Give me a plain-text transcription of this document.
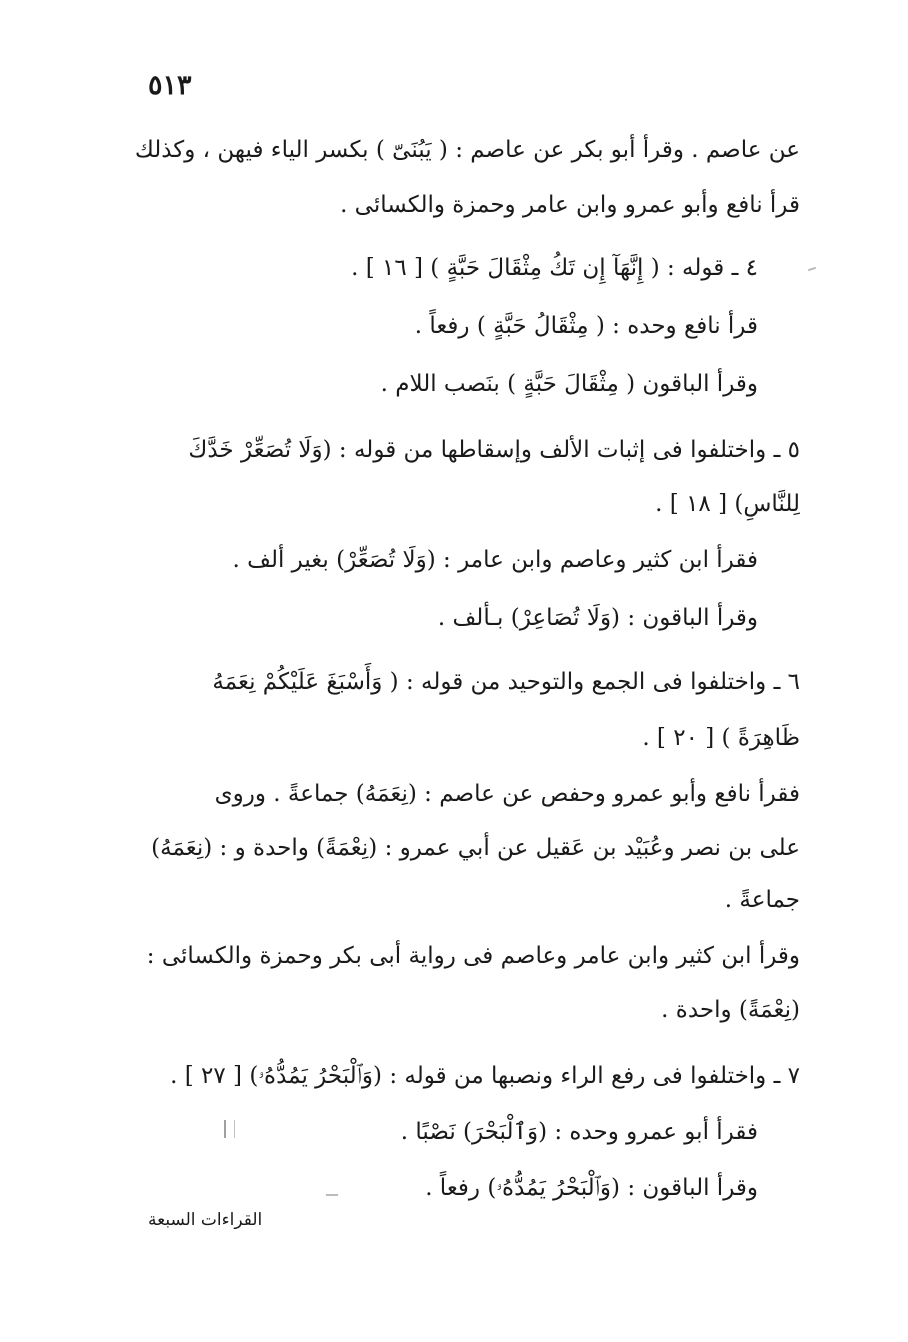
٥١٣
عن عاصم . وقرأ أبو بكر عن عاصم : ( يَبُنَىّ ) بكسر الياء فيهن ، وكذلك
قرأ نافع وأبو عمرو وابن عامر وحمزة والكسائى .
٤ ـ قوله : ( إِنَّهَآ إِن تَكُ مِثْقَالَ حَبَّةٍ ) [ ١٦ ] .
قرأ نافع وحده : ( مِثْقَالُ حَبَّةٍ ) رفعاً .
وقرأ الباقون ( مِثْقَالَ حَبَّةٍ ) بنَصب اللام .
٥ ـ واختلفوا فى إثبات الألف وإسقاطها من قوله : (وَلَا تُصَعِّرْ خَدَّكَ
لِلنَّاسِ) [ ١٨ ] .
فقرأ ابن كثير وعاصم وابن عامر : (وَلَا تُصَعِّرْ) بغير ألف .
وقرأ الباقون : (وَلَا تُصَاعِرْ) بـألف .
٦ ـ واختلفوا فى الجمع والتوحيد من قوله : ( وَأَسْبَغَ عَلَيْكُمْ نِعَمَهُ
ظَاهِرَةً ) [ ٢٠ ] .
فقرأ نافع وأبو عمرو وحفص عن عاصم : (نِعَمَهُ) جماعةً . وروى
على بن نصر وعُبَيْد بن عَقيل عن أبي عمرو : (نِعْمَةً) واحدة و : (نِعَمَهُ)
جماعةً .
وقرأ ابن كثير وابن عامر وعاصم فى رواية أبى بكر وحمزة والكسائى :
(نِعْمَةً) واحدة .
٧ ـ واختلفوا فى رفع الراء ونصبها من قوله : (وَٱلْبَحْرُ يَمُدُّهُۥ) [ ٢٧ ] .
فقرأ أبو عمرو وحده : (وَٱلْبَحْرَ) نَصْبًا .
وقرأ الباقون : (وَٱلْبَحْرُ يَمُدُّهُۥ) رفعاً .
القراءات السبعة
